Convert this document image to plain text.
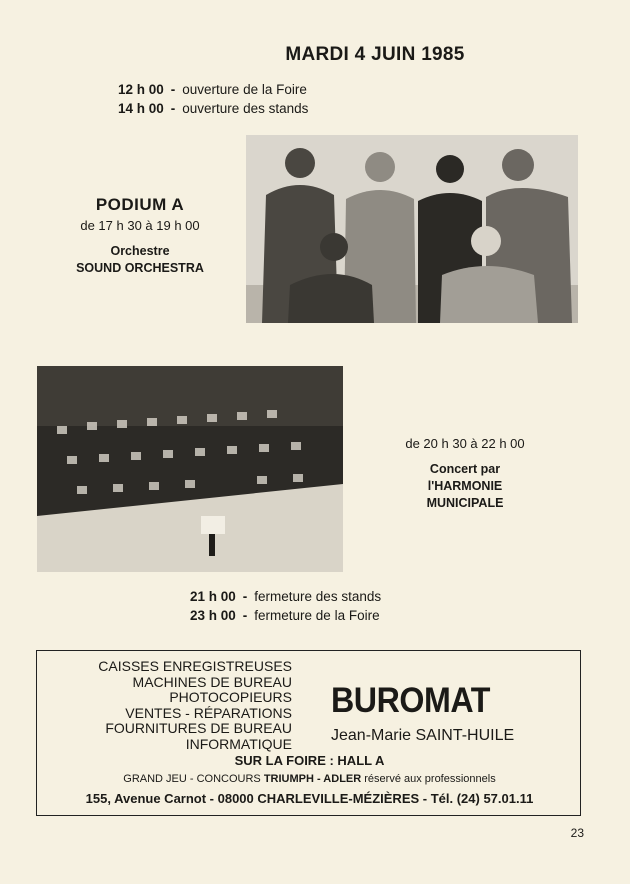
MARDI 4 JUIN 1985
12 h 00 - ouverture de la Foire
14 h 00 - ouverture des stands
PODIUM A
de 17 h 30 à 19 h 00
Orchestre
SOUND ORCHESTRA
de 20 h 30 à 22 h 00
Concert par
l'HARMONIE
MUNICIPALE
21 h 00 - fermeture des stands
23 h 00 - fermeture de la Foire
CAISSES ENREGISTREUSES
MACHINES DE BUREAU
PHOTOCOPIEURS
VENTES - RÉPARATIONS
FOURNITURES DE BUREAU
INFORMATIQUE
BUROMAT
Jean-Marie SAINT-HUILE
SUR LA FOIRE : HALL A
GRAND JEU - CONCOURS TRIUMPH - ADLER réservé aux professionnels
155, Avenue Carnot - 08000 CHARLEVILLE-MÉZIÈRES - Tél. (24) 57.01.11
23
